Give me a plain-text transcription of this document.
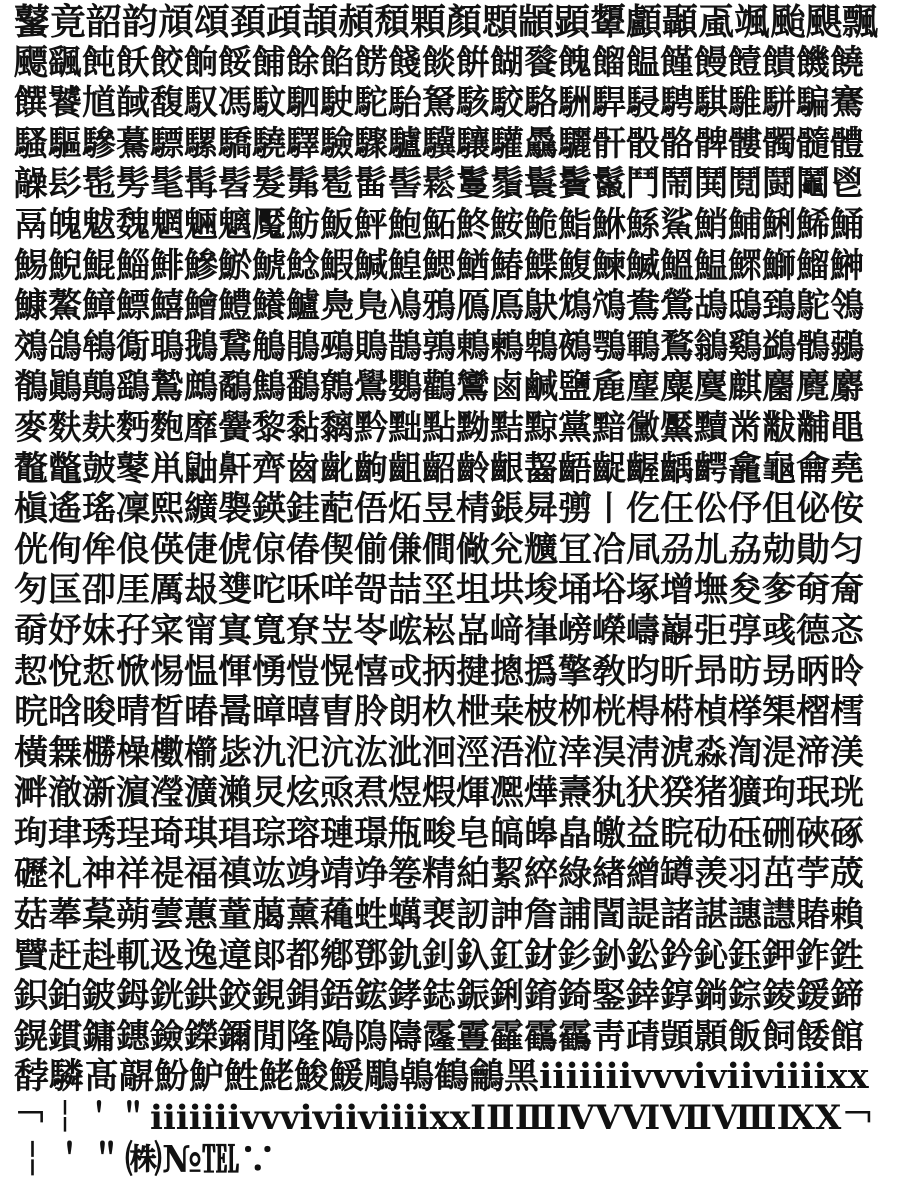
鼜竟韶韵頏頌頚頙頡頳頹顆顏顋顓顕顰顱顳颪颯颱颶飄
飃颻飩飫餃餉餒餔餘餡餝餞餤餠餬餮餽餾饂饉饅饐饋饑饒
饌饕馗馘馥馭馮馼駟駛駝駘駑駭駮駱駲駻駸騁騏騅駢騙騫
騷驅驂驀驃騾驕驍驛驗驟驢驥驤驩驫驪骭骰骼髀髏髑髓體
髞髟髢髣髦髯髫髮髴髱髷髻鬆鬘鬚鬟鬢鬣鬥鬧鬨鬩鬪鬮鬯
鬲魄魃魏魍魎魑魘魴魬鮃鮑鮖鮗鮟鮠鮨鮴鯀鯊鮹鯆鯏鯑鯒
鯣鯢鯤鯔鯡鰺鯲鯱鯰鰕鰔鰉鰓鰌鰆鰈鰒鰊鰄鰮鰛鰥鰤鰡鰰
鱇鰲鱆鰾鱚鱠鱧鱶鱸鳧鳬鳰鴉鴈鳫鴃鴆鴪鴦鶯鴣鴟鵄鴕鴒
鵁鴿鴾鵆鵈鵝鵞鵤鵑鵐鵙鵲鶉鶇鶫鵯鵺鶚鶤鶩鶲鷄鷁鶻鶸
鶺鷆鷏鷂鷙鷓鷸鷦鷭鷯鷽鸚鸛鸞鹵鹹鹽麁麈麋麌麒麕麑麝
麥麩麸麪麭靡黌黎黏黐黔黜點黝黠黥黨黯黴黶黷黹黻黼黽
鼇鼈皷鼕鼡鼬鼾齊齒齔齣齟齠齡齦齧齬齪齷齲齶龕龜龠堯
槇遙瑤凜熙纊褜鍈銈蓜俉炻昱棈鋹曻彅丨仡仼伀伃伹佖侒
侊侚侔俍偀倢俿倞偆偰偂傔僴僘兊兤冝冾凬刕劜劦勀勛匀
匇匤卲厓厲叝﨎咜咊咩哿喆坙坥垬埈埇﨏塚增墲夋奓奛奝
奣妤妺孖寀甯寘寬尞岦岺峵崧嵓﨑嵂嵭嶸嶹巐弡弴彧德忞
恝悅悊惞惕愠惲愑愷愰憘戓抦揵摠撝擎敎昀昕昻昉昮昞昤
晥晗晙晴晳暙暠暲暿曺朎朗杦枻桒柀栁桄棏﨓楨﨔榘槢樰
橫橆橳橾櫢櫤毖氿汜沆汯泚洄涇浯涖涬淏淸淲淼渹湜渧渼
溿澈澵濵瀅瀇瀨炅炫焏焄煜煆煇凞燁燾犱犾猤猪獷玽珉珖
珣珒琇珵琦琪琩琮瑢璉璟甁畯皂皜皞皛皦益睆劯砡硎硤硺
礰礼神祥禔福禛竑竧靖竫箞精絈絜綷綠緖繒罇羡羽茁荢荿
菇菶葈蒴蕓蕙蕫﨟薰蘒﨡蠇裵訒訷詹誧誾諟諸諶譓譿賰賴
贒赶﨣軏﨤逸遧郞都鄕鄧釚釗釞釭釮釤釥鈆鈐鈊鈺鉀鈼鉎
鉙鉑鈹鉧銧鉷鉸鋧鋗鋙鋐﨧鋕鋠鋓錥錡鋻﨨錞鋿錝錂鍰鍗
鎤鏆鏞鏸鐱鑅鑈閒隆﨩隝隯霳霻靃靍靏靑靕顗顥飯飼餧館
馞驎髙髜魵魲鮏鮱鮻鰀鵰鵫鶴鸙黑ⅰⅱⅲⅳⅴⅵⅶⅷⅸⅹ
￢￤＇＂ⅰⅱⅲⅳⅴⅵⅶⅷⅸⅹⅠⅡⅢⅣⅤⅥⅦⅧⅨⅩ￢
￤＇＂㈱№℡∵
